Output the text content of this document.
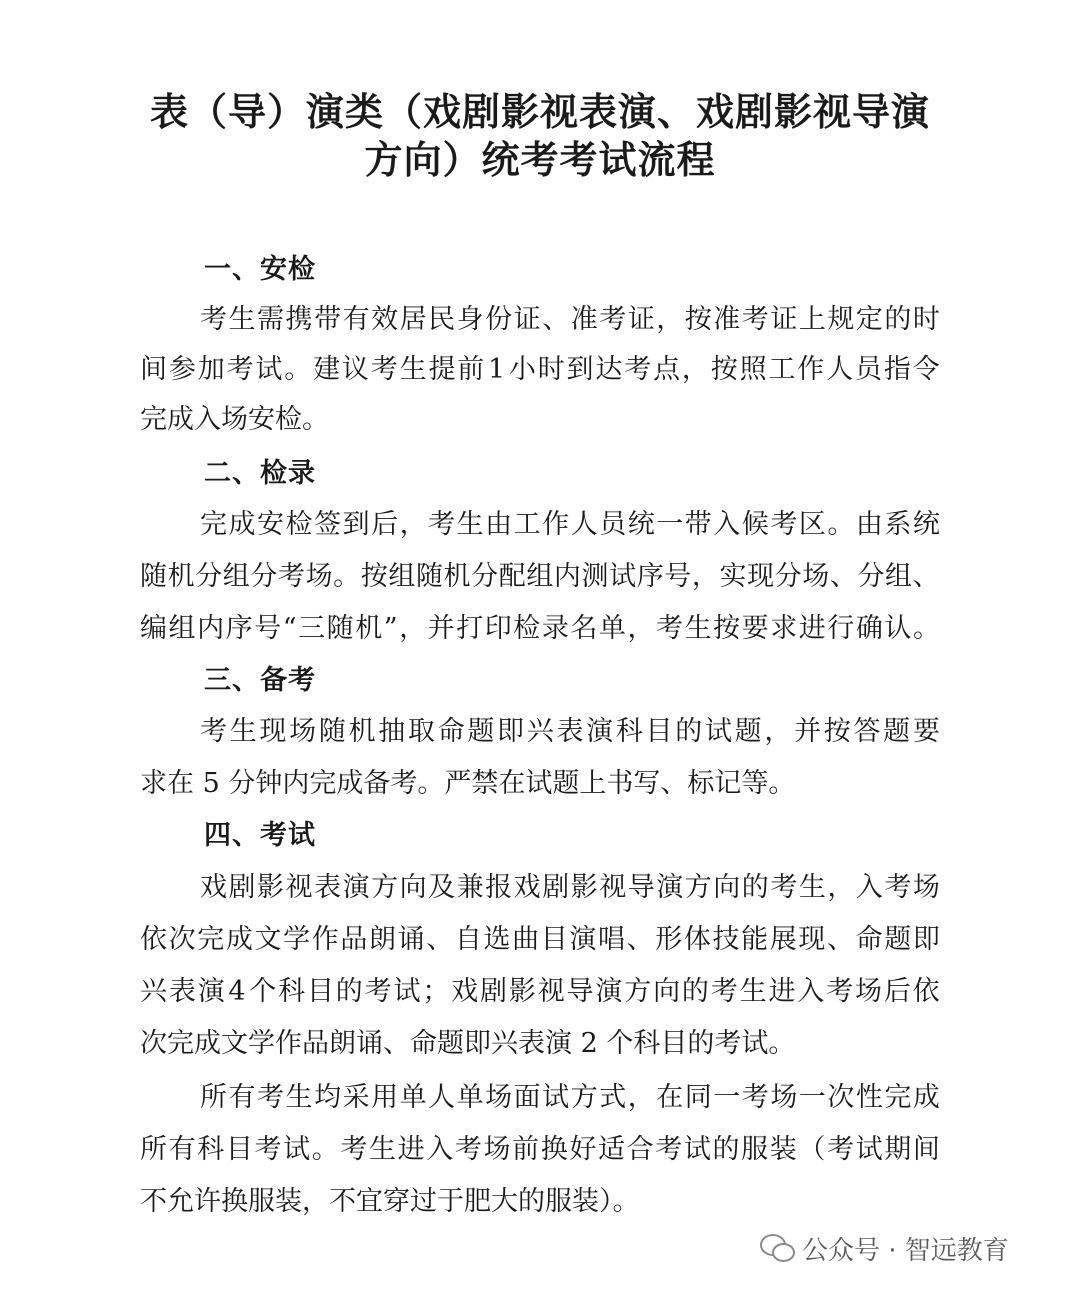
表（导）演类（戏剧影视表演、戏剧影视导演
方向）统考考试流程
一、安检
考 生 需 携 带 有 效 居 民 身 份 证 、 准 考 证 ， 按 准 考 证 上 规 定 的 时
间 参 加 考 试 。 建 议 考 生 提 前 1 小 时 到 达 考 点 ， 按 照 工 作 人 员 指 令
完成入场安检。
二、检录
完 成 安 检 签 到 后 ， 考 生 由 工 作 人 员 统 一 带 入 候 考 区 。 由 系 统
随 机 分 组 分 考 场 。 按 组 随 机 分 配 组 内 测 试 序 号 ， 实 现 分 场 、 分 组 、
编 组 内 序 号 “ 三 随 机 ” ， 并 打 印 检 录 名 单 ， 考 生 按 要 求 进 行 确 认 。
三、备考
考 生 现 场 随 机 抽 取 命 题 即 兴 表 演 科 目 的 试 题 ， 并 按 答 题 要
求在 5 分钟内完成备考。严禁在试题上书写、标记等。
四、考试
戏 剧 影 视 表 演 方 向 及 兼 报 戏 剧 影 视 导 演 方 向 的 考 生 ， 入 考 场
依 次 完 成 文 学 作 品 朗 诵 、 自 选 曲 目 演 唱 、 形 体 技 能 展 现 、 命 题 即
兴 表 演 4 个 科 目 的 考 试 ； 戏 剧 影 视 导 演 方 向 的 考 生 进 入 考 场 后 依
次完成文学作品朗诵、命题即兴表演 2 个科目的考试。
所 有 考 生 均 采 用 单 人 单 场 面 试 方 式 ， 在 同 一 考 场 一 次 性 完 成
所 有 科 目 考 试 。 考 生 进 入 考 场 前 换 好 适 合 考 试 的 服 装 （ 考 试 期 间
不允许换服装，不宜穿过于肥大的服装）。
公众号 · 智远教育
